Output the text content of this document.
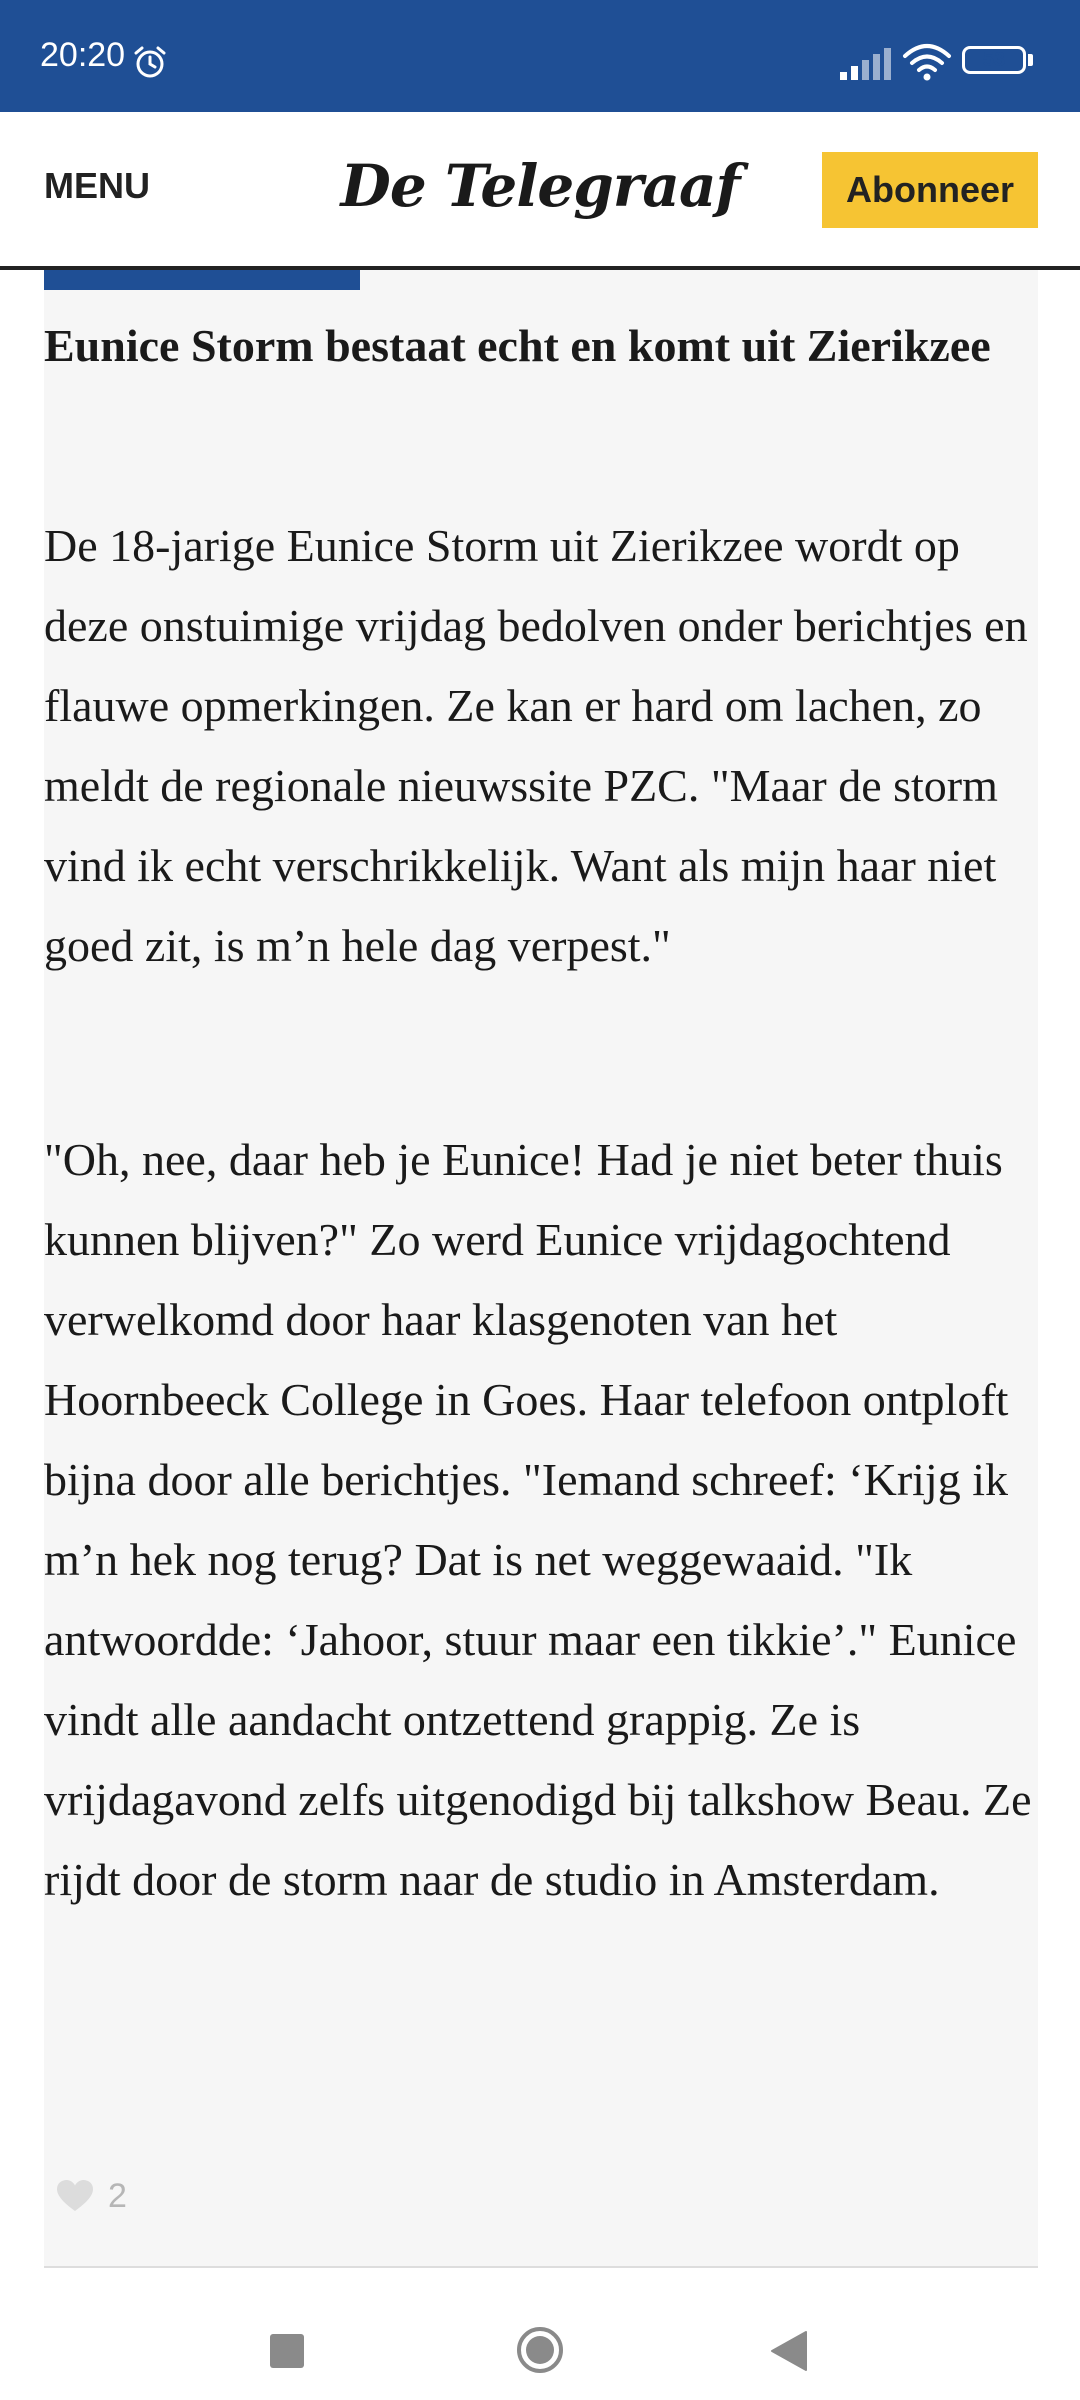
20:20	53
MENU	De Telegraaf	Abonneer
Eunice Storm bestaat echt en komt uit Zierikzee

De 18-jarige Eunice Storm uit Zierikzee wordt op deze onstuimige vrijdag bedolven onder berichtjes en flauwe opmerkingen. Ze kan er hard om lachen, zo meldt de regionale nieuwssite PZC. "Maar de storm vind ik echt verschrikkelijk. Want als mijn haar niet goed zit, is m’n hele dag verpest."

"Oh, nee, daar heb je Eunice! Had je niet beter thuis kunnen blijven?" Zo werd Eunice vrijdagochtend verwelkomd door haar klasgenoten van het Hoornbeeck College in Goes. Haar telefoon ontploft bijna door alle berichtjes. "Iemand schreef: ‘Krijg ik m’n hek nog terug? Dat is net weggewaaid. "Ik antwoordde: ‘Jahoor, stuur maar een tikkie’." Eunice vindt alle aandacht ontzettend grappig. Ze is vrijdagavond zelfs uitgenodigd bij talkshow Beau. Ze rijdt door de storm naar de studio in Amsterdam.

2
